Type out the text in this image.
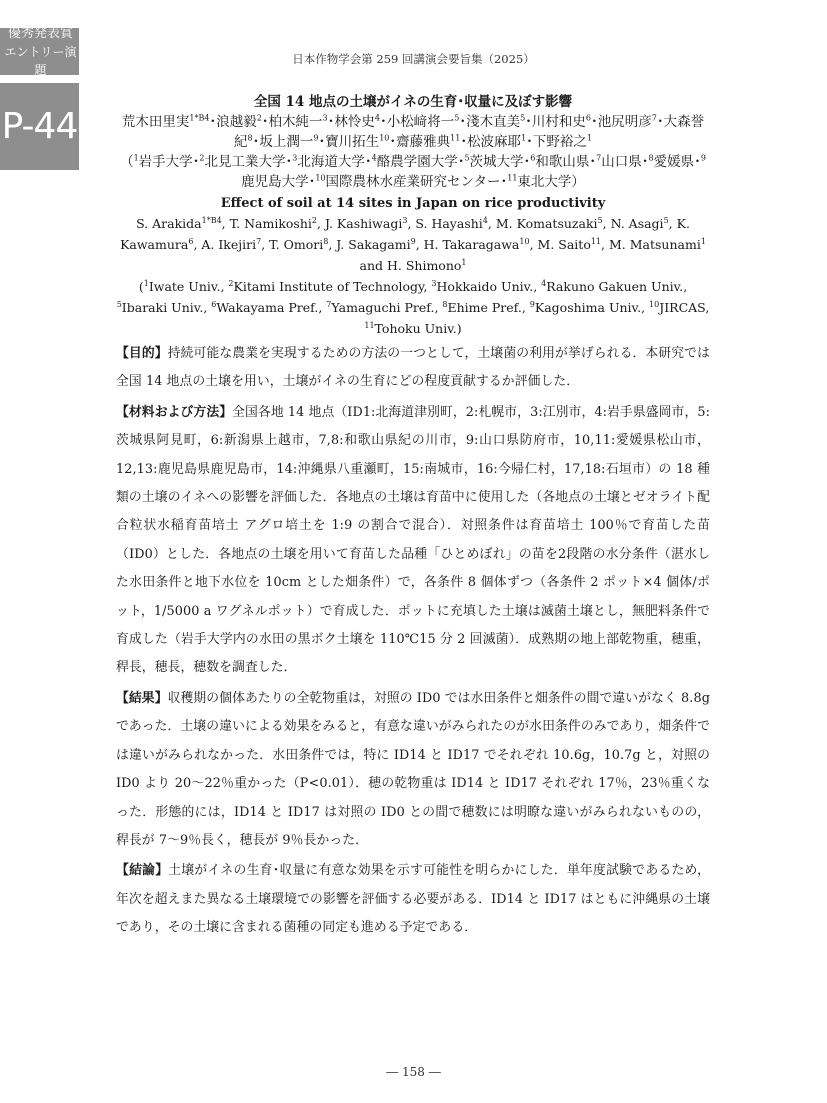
優秀発表賞
エントリー演題
P-44
日本作物学会第 259 回講演会要旨集（2025）

全国 14 地点の土壌がイネの生育･収量に及ぼす影響

荒木田里実$^{1*B4}$･浪越毅$^2$･柏木純一$^3$･林怜史$^4$･小松﨑将一$^5$･淺木直美$^5$･川村和史$^6$･池尻明彦$^7$･大森誉紀$^8$･坂上潤一$^9$･寶川拓生$^{10}$･齋藤雅典$^{11}$･松波麻耶$^1$･下野裕之$^1$

（$^1$岩手大学･$^2$北見工業大学･$^3$北海道大学･$^4$酪農学園大学･$^5$茨城大学･$^6$和歌山県･$^7$山口県･$^8$愛媛県･$^9$鹿児島大学･$^{10}$国際農林水産業研究センター･$^{11}$東北大学）

Effect of soil at 14 sites in Japan on rice productivity

S. Arakida$^{1*B4}$, T. Namikoshi$^2$, J. Kashiwagi$^3$, S. Hayashi$^4$, M. Komatsuzaki$^5$, N. Asagi$^5$, K. Kawamura$^6$, A. Ikejiri$^7$, T. Omori$^8$, J. Sakagami$^9$, H. Takaragawa$^{10}$, M. Saito$^{11}$, M. Matsunami$^1$ and H. Shimono$^1$

($^1$Iwate Univ., $^2$Kitami Institute of Technology, $^3$Hokkaido Univ., $^4$Rakuno Gakuen Univ., $^5$Ibaraki Univ., $^6$Wakayama Pref., $^7$Yamaguchi Pref., $^8$Ehime Pref., $^9$Kagoshima Univ., $^{10}$JIRCAS, $^{11}$Tohoku Univ.)

【目的】持続可能な農業を実現するための方法の一つとして，土壌菌の利用が挙げられる．本研究では全国 14 地点の土壌を用い，土壌がイネの生育にどの程度貢献するか評価した．

【材料および方法】全国各地 14 地点（ID1:北海道津別町，2:札幌市，3:江別市，4:岩手県盛岡市，5:茨城県阿見町，6:新潟県上越市，7,8:和歌山県紀の川市，9:山口県防府市，10,11:愛媛県松山市，12,13:鹿児島県鹿児島市，14:沖縄県八重瀬町，15:南城市，16:今帰仁村，17,18:石垣市）の 18 種類の土壌のイネへの影響を評価した．各地点の土壌は育苗中に使用した（各地点の土壌とゼオライト配合粒状水稲育苗培土 アグロ培土を 1:9 の割合で混合）．対照条件は育苗培土 100％で育苗した苗（ID0）とした．各地点の土壌を用いて育苗した品種「ひとめぼれ」の苗を2段階の水分条件（湛水した水田条件と地下水位を 10cm とした畑条件）で，各条件 8 個体ずつ（各条件 2 ポット×4 個体/ポット，1/5000 a ワグネルポット）で育成した．ポットに充填した土壌は滅菌土壌とし，無肥料条件で育成した（岩手大学内の水田の黒ボク土壌を 110℃15 分 2 回滅菌）．成熟期の地上部乾物重，穂重，稈長，穂長，穂数を調査した．

【結果】収穫期の個体あたりの全乾物重は，対照の ID0 では水田条件と畑条件の間で違いがなく 8.8g であった．土壌の違いによる効果をみると，有意な違いがみられたのが水田条件のみであり，畑条件では違いがみられなかった．水田条件では，特に ID14 と ID17 でそれぞれ 10.6g，10.7g と，対照の ID0 より 20～22％重かった（P<0.01）．穂の乾物重は ID14 と ID17 それぞれ 17％，23％重くなった．形態的には，ID14 と ID17 は対照の ID0 との間で穂数には明瞭な違いがみられないものの，稈長が 7～9％長く，穂長が 9％長かった．

【結論】土壌がイネの生育･収量に有意な効果を示す可能性を明らかにした．単年度試験であるため，年次を超えまた異なる土壌環境での影響を評価する必要がある．ID14 と ID17 はともに沖縄県の土壌であり，その土壌に含まれる菌種の同定も進める予定である．

― 158 ―
